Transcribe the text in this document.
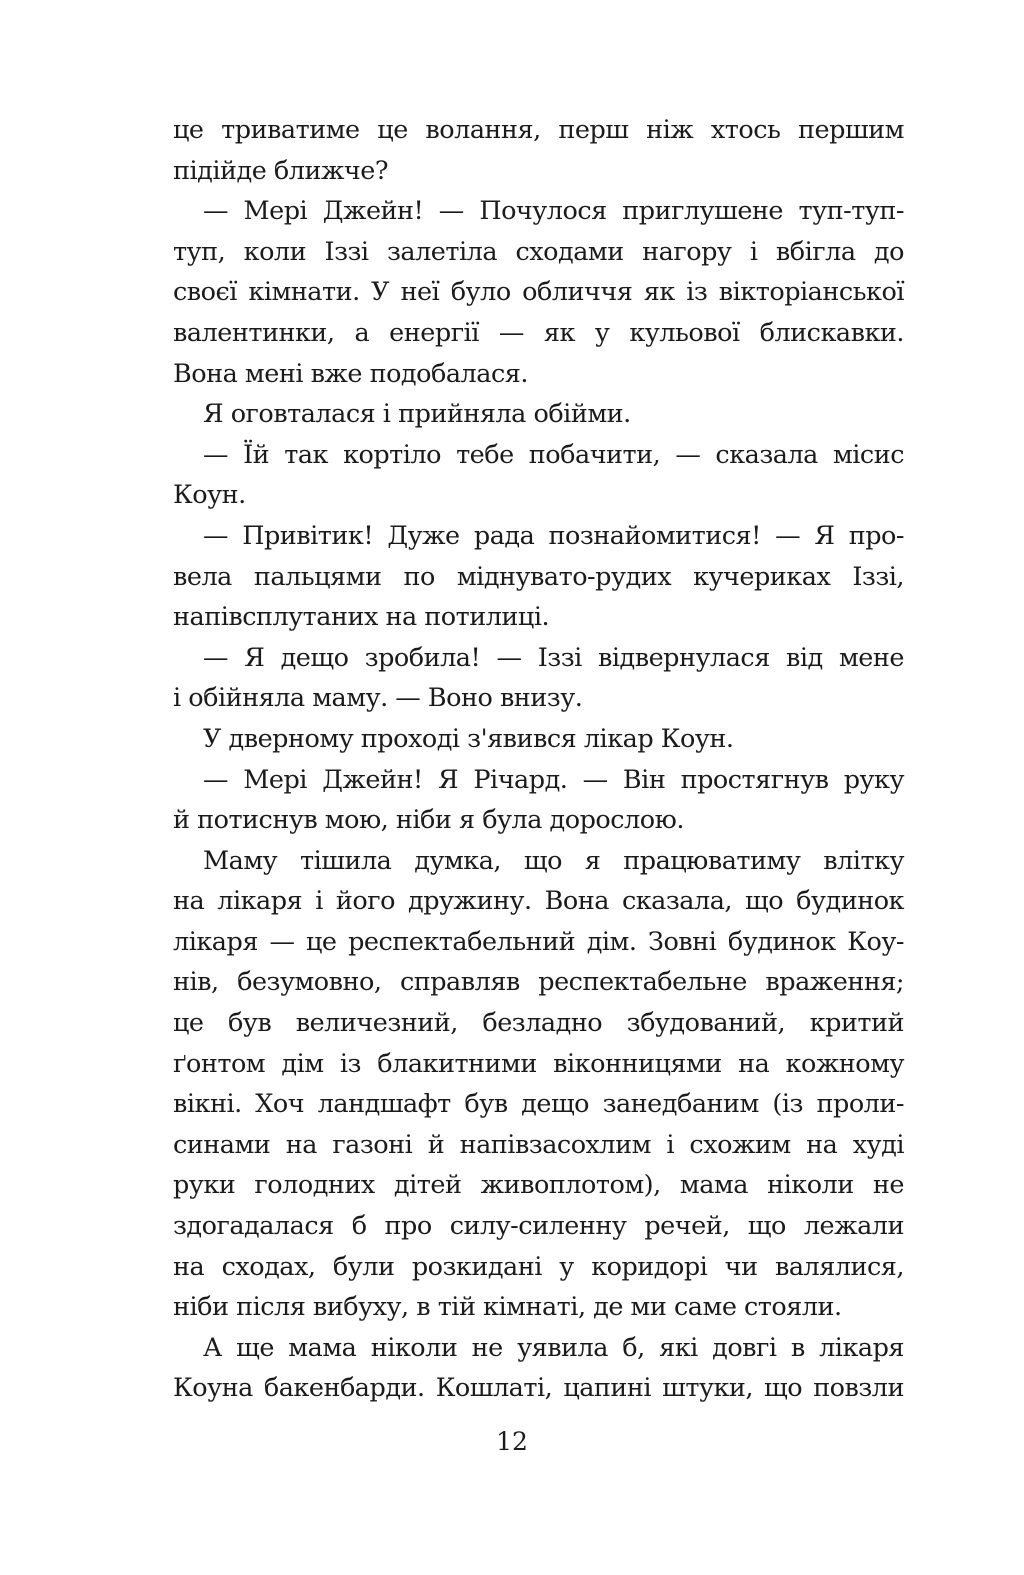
це триватиме це волання, перш ніж хтось першим
підійде ближче?
— Мері Джейн! — Почулося приглушене туп-туп-
туп, коли Іззі залетіла сходами нагору і вбігла до
своєї кімнати. У неї було обличчя як із вікторіанської
валентинки, а енергії — як у кульової блискавки.
Вона мені вже подобалася.
Я оговталася і прийняла обійми.
— Їй так кортіло тебе побачити, — сказала місис
Коун.
— Привітик! Дуже рада познайомитися! — Я про-
вела пальцями по міднувато-рудих кучериках Іззі,
напівсплутаних на потилиці.
— Я дещо зробила! — Іззі відвернулася від мене
і обійняла маму. — Воно внизу.
У дверному проході з'явився лікар Коун.
— Мері Джейн! Я Річард. — Він простягнув руку
й потиснув мою, ніби я була дорослою.
Маму тішила думка, що я працюватиму влітку
на лікаря і його дружину. Вона сказала, що будинок
лікаря — це респектабельний дім. Зовні будинок Коу-
нів, безумовно, справляв респектабельне враження;
це був величезний, безладно збудований, критий
ґонтом дім із блакитними віконницями на кожному
вікні. Хоч ландшафт був дещо занедбаним (із проли-
синами на газоні й напівзасохлим і схожим на худі
руки голодних дітей живоплотом), мама ніколи не
здогадалася б про силу-силенну речей, що лежали
на сходах, були розкидані у коридорі чи валялися,
ніби після вибуху, в тій кімнаті, де ми саме стояли.
А ще мама ніколи не уявила б, які довгі в лікаря
Коуна бакенбарди. Кошлаті, цапині штуки, що повзли
12
